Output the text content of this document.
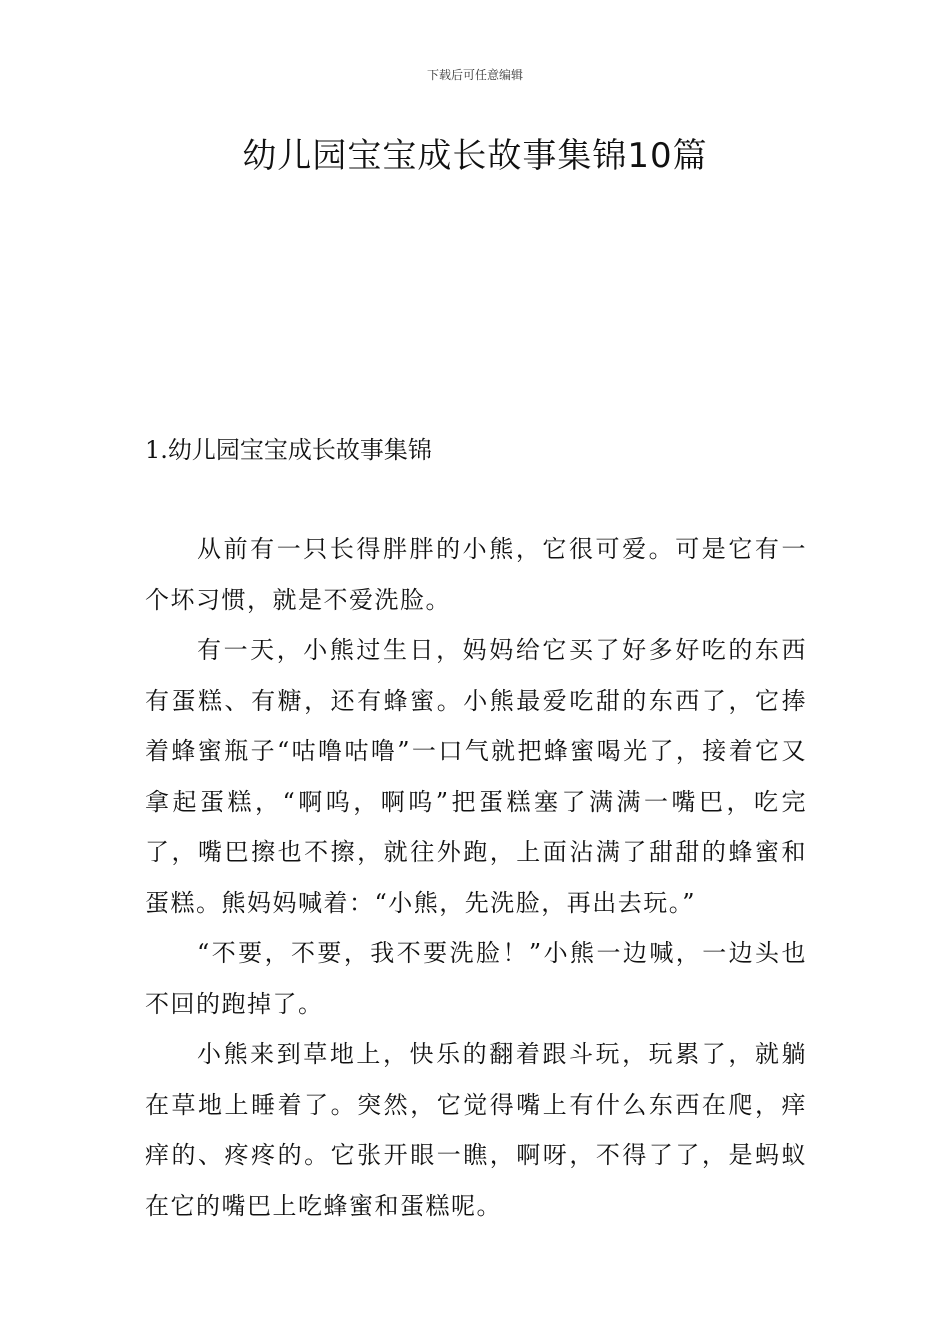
下载后可任意编辑
幼儿园宝宝成长故事集锦10篇
1.幼儿园宝宝成长故事集锦

从前有一只长得胖胖的小熊，它很可爱。可是它有一个坏习惯，就是不爱洗脸。

有一天，小熊过生日，妈妈给它买了好多好吃的东西有蛋糕、有糖，还有蜂蜜。小熊最爱吃甜的东西了，它捧着蜂蜜瓶子“咕噜咕噜”一口气就把蜂蜜喝光了，接着它又拿起蛋糕，“啊呜，啊呜”把蛋糕塞了满满一嘴巴，吃完了，嘴巴擦也不擦，就往外跑，上面沾满了甜甜的蜂蜜和蛋糕。熊妈妈喊着：“小熊，先洗脸，再出去玩。”

“不要，不要，我不要洗脸！”小熊一边喊，一边头也不回的跑掉了。

小熊来到草地上，快乐的翻着跟斗玩，玩累了，就躺在草地上睡着了。突然，它觉得嘴上有什么东西在爬，痒痒的、疼疼的。它张开眼一瞧，啊呀，不得了了，是蚂蚁在它的嘴巴上吃蜂蜜和蛋糕呢。
